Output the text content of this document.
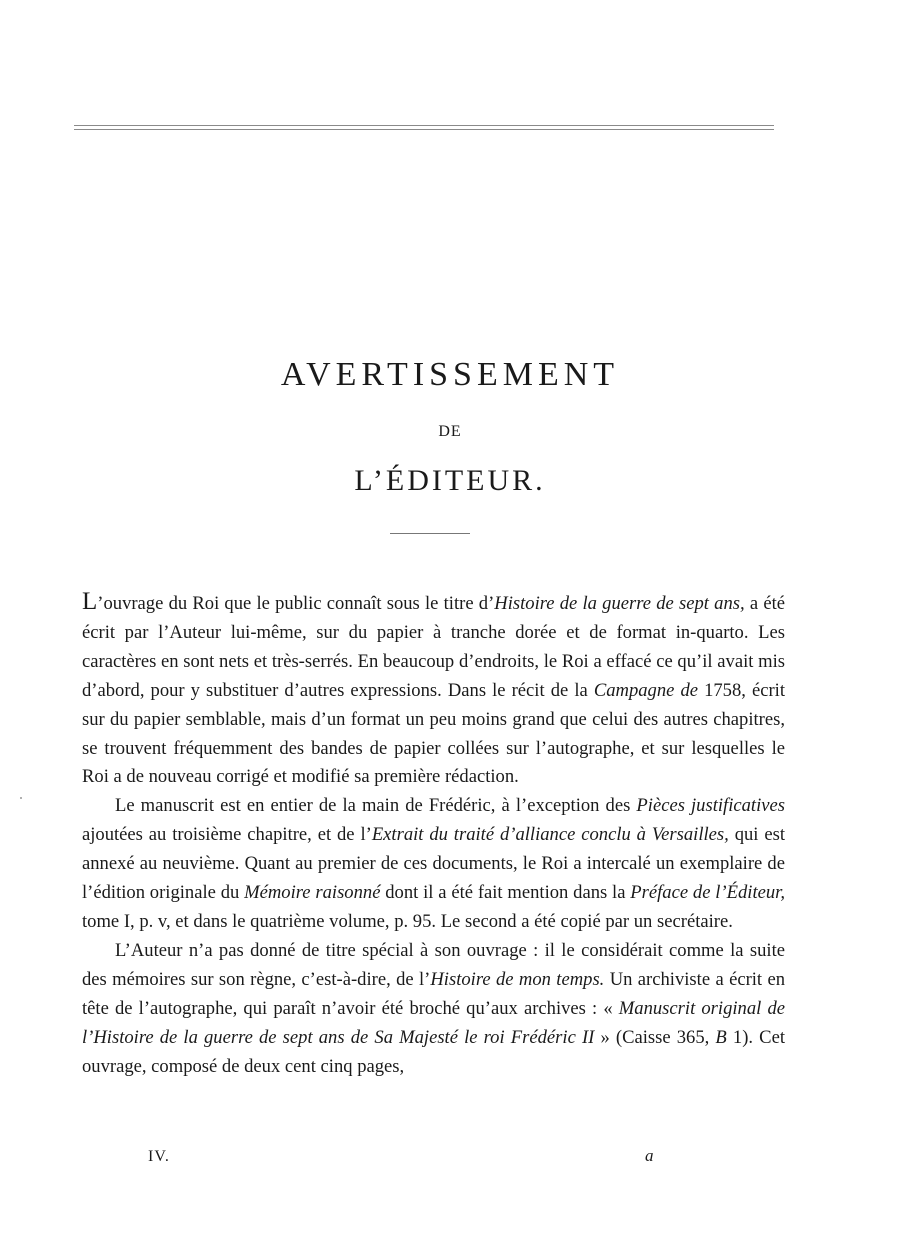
AVERTISSEMENT
DE
L’ÉDITEUR.

L’ouvrage du Roi que le public connaît sous le titre d’Histoire de la guerre de sept ans, a été écrit par l’Auteur lui-même, sur du papier à tranche dorée et de format in-quarto. Les caractères en sont nets et très-serrés. En beaucoup d’endroits, le Roi a effacé ce qu’il avait mis d’abord, pour y substituer d’autres expressions. Dans le récit de la Campagne de 1758, écrit sur du papier semblable, mais d’un format un peu moins grand que celui des autres chapitres, se trouvent fréquemment des bandes de papier collées sur l’autographe, et sur lesquelles le Roi a de nouveau corrigé et modifié sa première rédaction.

Le manuscrit est en entier de la main de Frédéric, à l’exception des Pièces justificatives ajoutées au troisième chapitre, et de l’Extrait du traité d’alliance conclu à Versailles, qui est annexé au neuvième. Quant au premier de ces documents, le Roi a intercalé un exemplaire de l’édition originale du Mémoire raisonné dont il a été fait mention dans la Préface de l’Éditeur, tome I, p. v, et dans le quatrième volume, p. 95. Le second a été copié par un secrétaire.

L’Auteur n’a pas donné de titre spécial à son ouvrage : il le considérait comme la suite des mémoires sur son règne, c’est-à-dire, de l’Histoire de mon temps. Un archiviste a écrit en tête de l’autographe, qui paraît n’avoir été broché qu’aux archives : « Manuscrit original de l’Histoire de la guerre de sept ans de Sa Majesté le roi Frédéric II » (Caisse 365, B 1). Cet ouvrage, composé de deux cent cinq pages,

IV.	a
